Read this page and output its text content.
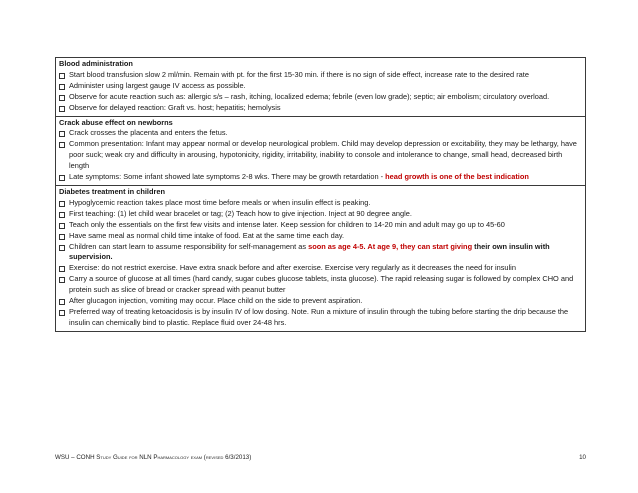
Blood administration
Start blood transfusion slow 2 ml/min. Remain with pt. for the first 15-30 min. if there is no sign of side effect, increase rate to the desired rate
Administer using largest gauge IV access as possible.
Observe for acute reaction such as: allergic s/s – rash, itching, localized edema; febrile (even low grade); septic; air embolism; circulatory overload.
Observe for delayed reaction: Graft vs. host; hepatitis; hemolysis

Crack abuse effect on newborns
Crack crosses the placenta and enters the fetus.
Common presentation: Infant may appear normal or develop neurological problem. Child may develop depression or excitability, they may be lethargy, have poor suck; weak cry and difficulty in arousing, hypotonicity, rigidity, irritability, inability to console and intolerance to change, small head, decreased birth length
Late symptoms: Some infant showed late symptoms 2-8 wks. There may be growth retardation - head growth is one of the best indication

Diabetes treatment in children
Hypoglycemic reaction takes place most time before meals or when insulin effect is peaking.
First teaching: (1) let child wear bracelet or tag; (2) Teach how to give injection. Inject at 90 degree angle.
Teach only the essentials on the first few visits and intense later. Keep session for children to 14-20 min and adult may go up to 45-60
Have same meal as normal child time intake of food. Eat at the same time each day.
Children can start learn to assume responsibility for self-management as soon as age 4-5. At age 9, they can start giving their own insulin with supervision.
Exercise: do not restrict exercise. Have extra snack before and after exercise. Exercise very regularly as it decreases the need for insulin
Carry a source of glucose at all times (hard candy, sugar cubes glucose tablets, insta glucose). The rapid releasing sugar is followed by complex CHO and protein such as slice of bread or cracker spread with peanut butter
After glucagon injection, vomiting may occur. Place child on the side to prevent aspiration.
Preferred way of treating ketoacidosis is by insulin IV of low dosing. Note. Run a mixture of insulin through the tubing before starting the drip because the insulin can chemically bind to plastic. Replace fluid over 24-48 hrs.
WSU – CONH Study Guide for NLN Pharmacology exam (revised 6/3/2013)	10
